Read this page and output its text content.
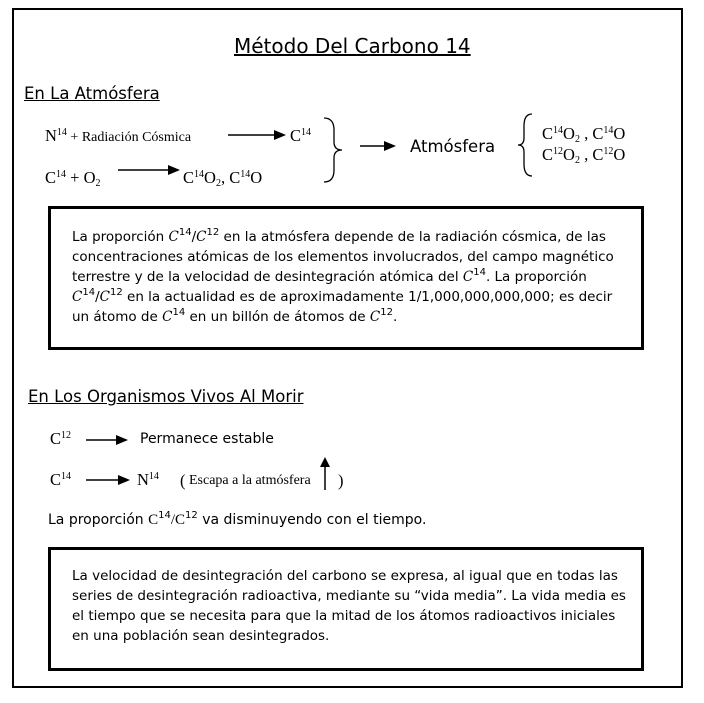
Método Del Carbono 14
En La Atmósfera
$N^{14}$ + Radiación Cósmica	$C^{14}$
$C^{14} + O_2$	$C^{14}O_2$, $C^{14}O$
Atmósfera
$C^{14}O_2$ , $C^{14}O$
$C^{12}O_2$ , $C^{12}O$
La proporción $C^{14}/C^{12}$ en la atmósfera depende de la radiación cósmica, de las
concentraciones atómicas de los elementos involucrados, del campo magnético
terrestre y de la velocidad de desintegración atómica del $C^{14}$. La proporción
$C^{14}/C^{12}$ en la actualidad es de aproximadamente 1/1,000,000,000,000; es decir
un átomo de $C^{14}$ en un billón de átomos de $C^{12}$.
En Los Organismos Vivos Al Morir
$C^{12}$	Permanece estable
$C^{14}$	$N^{14}$ ( Escapa a la atmósfera )
La proporción $C^{14}/C^{12}$ va disminuyendo con el tiempo.
La velocidad de desintegración del carbono se expresa, al igual que en todas las
series de desintegración radioactiva, mediante su “vida media”. La vida media es
el tiempo que se necesita para que la mitad de los átomos radioactivos iniciales
en una población sean desintegrados.
